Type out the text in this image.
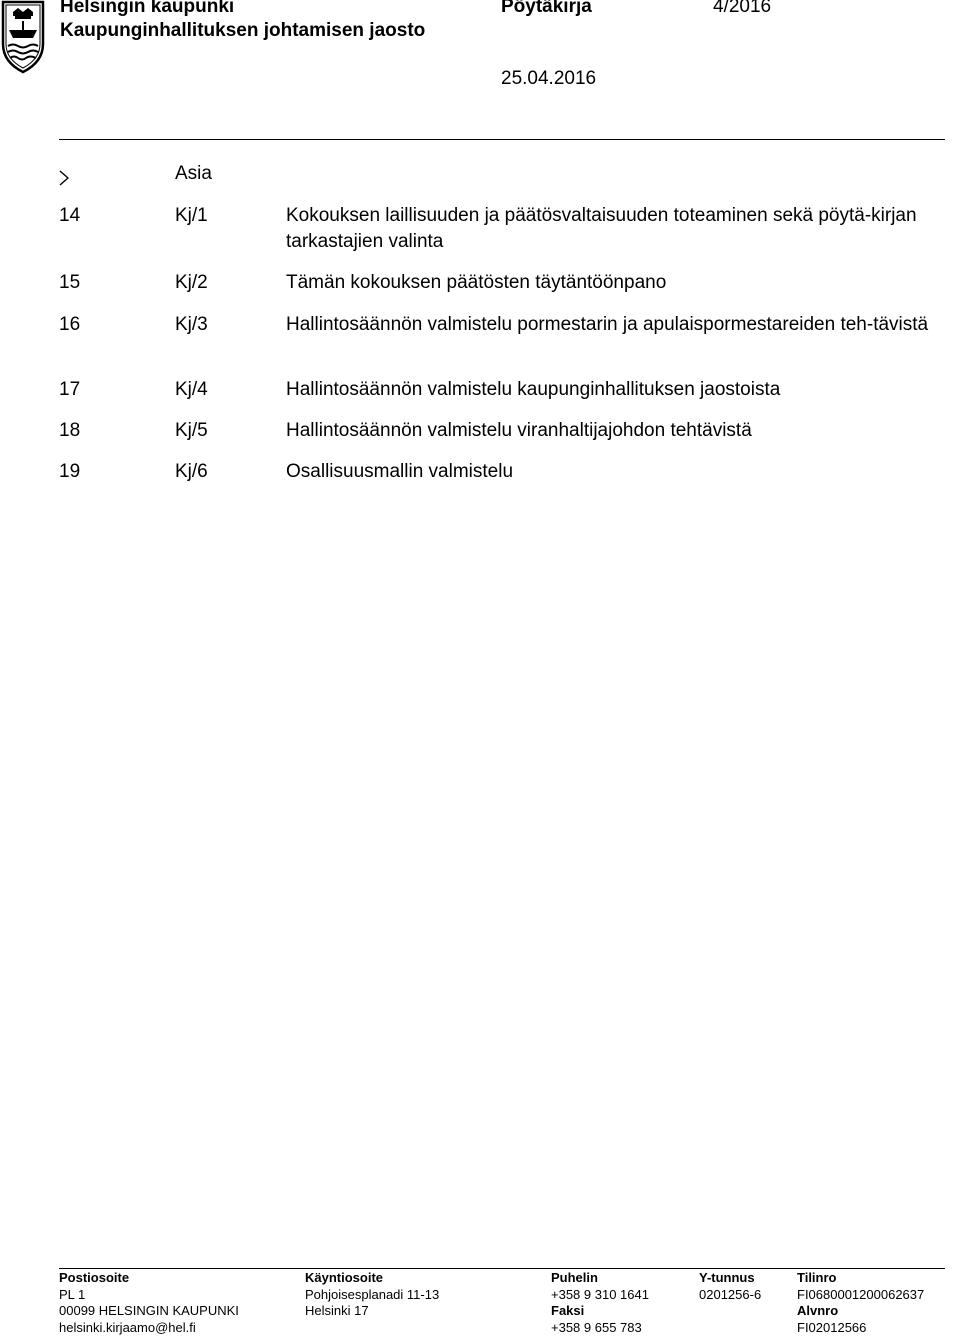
Helsingin kaupunki
Kaupunginhallituksen johtamisen jaosto
Pöytäkirja	4/2016
25.04.2016
Asia
14	Kj/1	Kokouksen laillisuuden ja päätösvaltaisuuden toteaminen sekä pöytä-kirjan tarkastajien valinta
15	Kj/2	Tämän kokouksen päätösten täytäntöönpano
16	Kj/3	Hallintosäännön valmistelu pormestarin ja apulaispormestareiden teh-tävistä
17	Kj/4	Hallintosäännön valmistelu kaupunginhallituksen jaostoista
18	Kj/5	Hallintosäännön valmistelu viranhaltijajohdon tehtävistä
19	Kj/6	Osallisuusmallin valmistelu
Postiosoite
PL 1
00099 HELSINGIN KAUPUNKI
helsinki.kirjaamo@hel.fi
Käyntiosoite
Pohjoisesplanadi 11-13
Helsinki 17
Puhelin
+358 9 310 1641
Faksi
+358 9 655 783
Y-tunnus
0201256-6
Tilinro
FI0680001200062637
Alvnro
FI02012566
